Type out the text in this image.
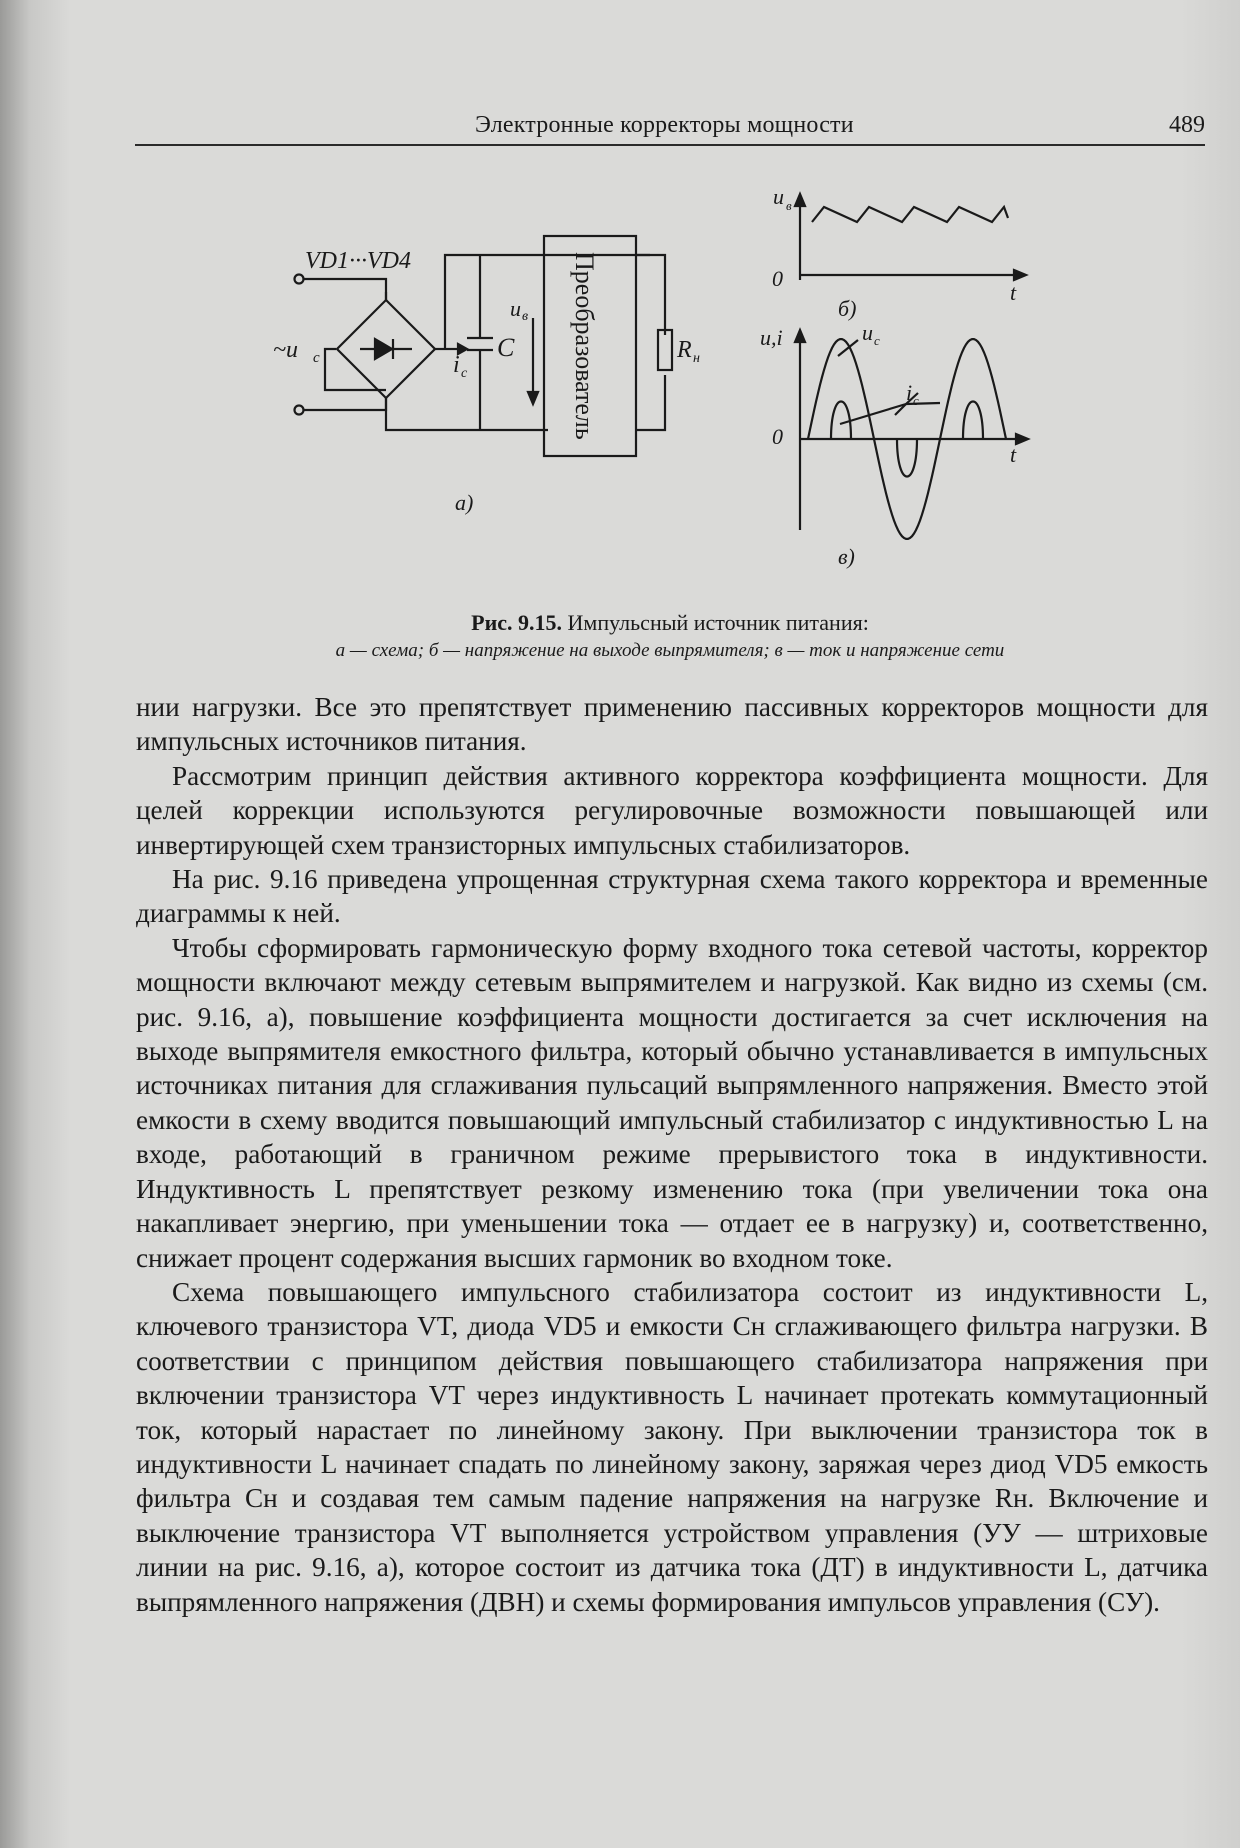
Электронные корректоры мощности	489
VD1···VD4
~u c
u в
i c
C	R н
а)
б)
в)
u в
0
t
u,i
0
t
u c
i c
Преобразователь
Рис. 9.15. Импульсный источник питания:
а — схема; б — напряжение на выходе выпрямителя; в — ток и напряжение сети

нии нагрузки. Все это препятствует применению пассивных корректоров мощности для импульсных источников питания.

Рассмотрим принцип действия активного корректора коэффициента мощности. Для целей коррекции используются регулировочные возможности повышающей или инвертирующей схем транзисторных импульсных стабилизаторов.

На рис. 9.16 приведена упрощенная структурная схема такого корректора и временные диаграммы к ней.

Чтобы сформировать гармоническую форму входного тока сетевой частоты, корректор мощности включают между сетевым выпрямителем и нагрузкой. Как видно из схемы (см. рис. 9.16, а), повышение коэффициента мощности достигается за счет исключения на выходе выпрямителя емкостного фильтра, который обычно устанавливается в импульсных источниках питания для сглаживания пульсаций выпрямленного напряжения. Вместо этой емкости в схему вводится повышающий импульсный стабилизатор с индуктивностью L на входе, работающий в граничном режиме прерывистого тока в индуктивности. Индуктивность L препятствует резкому изменению тока (при увеличении тока она накапливает энергию, при уменьшении тока — отдает ее в нагрузку) и, соответственно, снижает процент содержания высших гармоник во входном токе.

Схема повышающего импульсного стабилизатора состоит из индуктивности L, ключевого транзистора VT, диода VD5 и емкости Cн сглаживающего фильтра нагрузки. В соответствии с принципом действия повышающего стабилизатора напряжения при включении транзистора VT через индуктивность L начинает протекать коммутационный ток, который нарастает по линейному закону. При выключении транзистора ток в индуктивности L начинает спадать по линейному закону, заряжая через диод VD5 емкость фильтра Cн и создавая тем самым падение напряжения на нагрузке Rн. Включение и выключение транзистора VT выполняется устройством управления (УУ — штриховые линии на рис. 9.16, а), которое состоит из датчика тока (ДТ) в индуктивности L, датчика выпрямленного напряжения (ДВН) и схемы формирования импульсов управления (СУ).
